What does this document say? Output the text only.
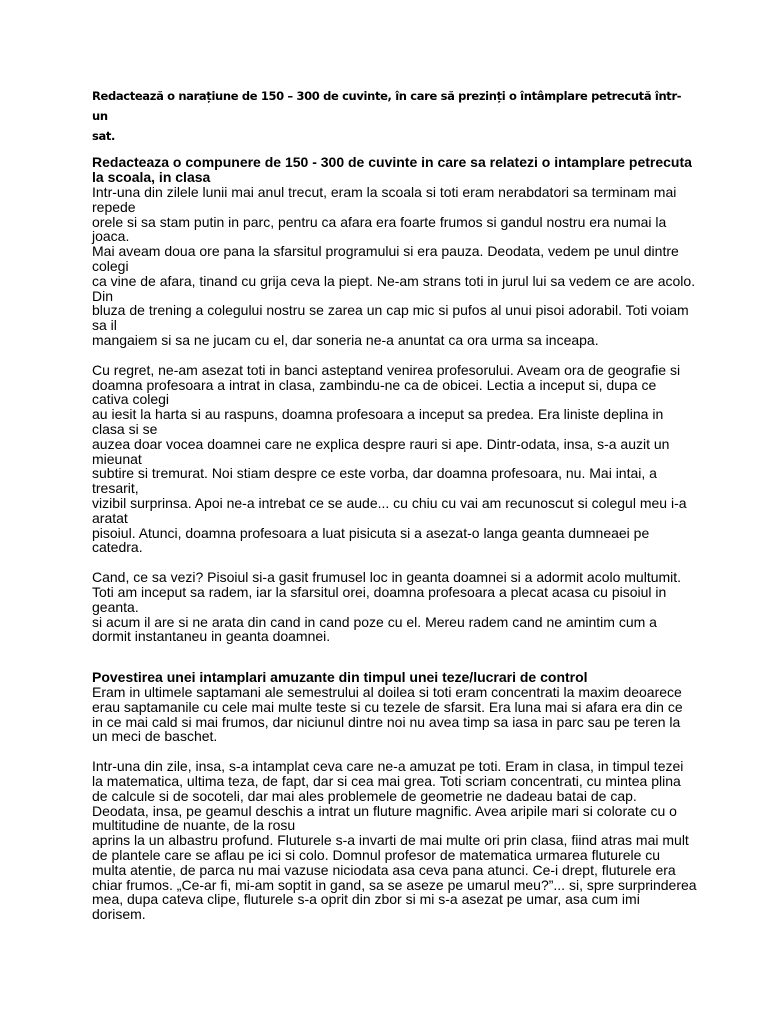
Redactează o narațiune de 150 – 300 de cuvinte, în care să prezinți o întâmplare petrecută într-un
sat.
Redacteaza o compunere de 150 - 300 de cuvinte in care sa relatezi o intamplare petrecuta
la scoala, in clasa
Intr-una din zilele lunii mai anul trecut, eram la scoala si toti eram nerabdatori sa terminam mai
repede
orele si sa stam putin in parc, pentru ca afara era foarte frumos si gandul nostru era numai la
joaca.
Mai aveam doua ore pana la sfarsitul programului si era pauza. Deodata, vedem pe unul dintre
colegi
ca vine de afara, tinand cu grija ceva la piept. Ne-am strans toti in jurul lui sa vedem ce are acolo.
Din
bluza de trening a colegului nostru se zarea un cap mic si pufos al unui pisoi adorabil. Toti voiam
sa il
mangaiem si sa ne jucam cu el, dar soneria ne-a anuntat ca ora urma sa inceapa.
Cu regret, ne-am asezat toti in banci asteptand venirea profesorului. Aveam ora de geografie si
doamna profesoara a intrat in clasa, zambindu-ne ca de obicei. Lectia a inceput si, dupa ce
cativa colegi
au iesit la harta si au raspuns, doamna profesoara a inceput sa predea. Era liniste deplina in
clasa si se
auzea doar vocea doamnei care ne explica despre rauri si ape. Dintr-odata, insa, s-a auzit un
mieunat
subtire si tremurat. Noi stiam despre ce este vorba, dar doamna profesoara, nu. Mai intai, a
tresarit,
vizibil surprinsa. Apoi ne-a intrebat ce se aude... cu chiu cu vai am recunoscut si colegul meu i-a
aratat
pisoiul. Atunci, doamna profesoara a luat pisicuta si a asezat-o langa geanta dumneaei pe
catedra.
Cand, ce sa vezi? Pisoiul si-a gasit frumusel loc in geanta doamnei si a adormit acolo multumit.
Toti am inceput sa radem, iar la sfarsitul orei, doamna profesoara a plecat acasa cu pisoiul in
geanta.
si acum il are si ne arata din cand in cand poze cu el. Mereu radem cand ne amintim cum a
dormit instantaneu in geanta doamnei.
Povestirea unei intamplari amuzante din timpul unei teze/lucrari de control
Eram in ultimele saptamani ale semestrului al doilea si toti eram concentrati la maxim deoarece
erau saptamanile cu cele mai multe teste si cu tezele de sfarsit. Era luna mai si afara era din ce
in ce mai cald si mai frumos, dar niciunul dintre noi nu avea timp sa iasa in parc sau pe teren la
un meci de baschet.
Intr-una din zile, insa, s-a intamplat ceva care ne-a amuzat pe toti. Eram in clasa, in timpul tezei
la matematica, ultima teza, de fapt, dar si cea mai grea. Toti scriam concentrati, cu mintea plina
de calcule si de socoteli, dar mai ales problemele de geometrie ne dadeau batai de cap.
Deodata, insa, pe geamul deschis a intrat un fluture magnific. Avea aripile mari si colorate cu o
multitudine de nuante, de la rosu
aprins la un albastru profund. Fluturele s-a invarti de mai multe ori prin clasa, fiind atras mai mult
de plantele care se aflau pe ici si colo. Domnul profesor de matematica urmarea fluturele cu
multa atentie, de parca nu mai vazuse niciodata asa ceva pana atunci. Ce-i drept, fluturele era
chiar frumos. „Ce-ar fi, mi-am soptit in gand, sa se aseze pe umarul meu?”... si, spre surprinderea
mea, dupa cateva clipe, fluturele s-a oprit din zbor si mi s-a asezat pe umar, asa cum imi
dorisem.
